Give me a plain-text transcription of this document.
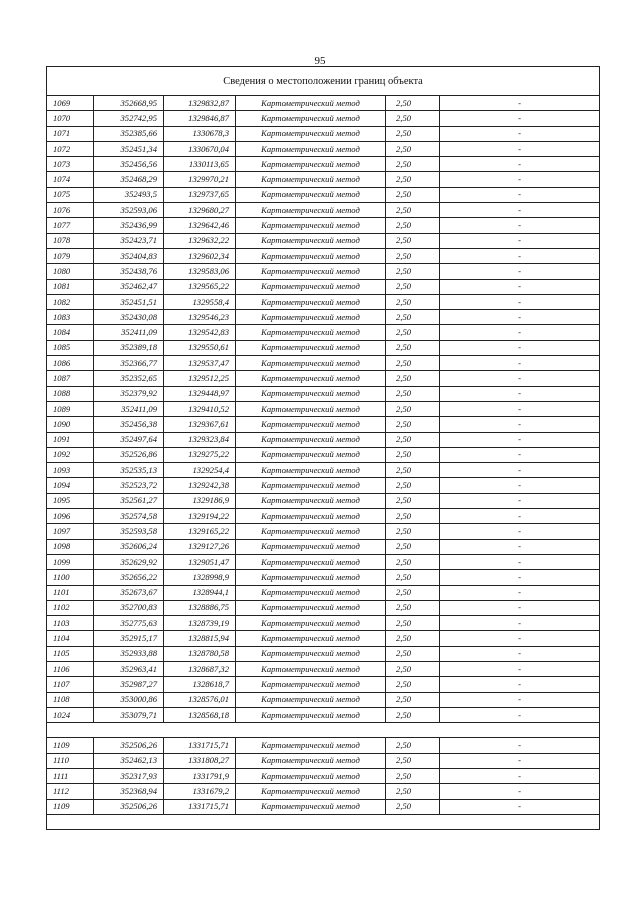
95
Сведения о местоположении границ объекта					
1069	352668,95	1329832,87	Картометрический метод	2,50	-
1070	352742,95	1329846,87	Картометрический метод	2,50	-
1071	352385,66	1330678,3	Картометрический метод	2,50	-
1072	352451,34	1330670,04	Картометрический метод	2,50	-
1073	352456,56	1330113,65	Картометрический метод	2,50	-
1074	352468,29	1329970,21	Картометрический метод	2,50	-
1075	352493,5	1329737,65	Картометрический метод	2,50	-
1076	352593,06	1329680,27	Картометрический метод	2,50	-
1077	352436,99	1329642,46	Картометрический метод	2,50	-
1078	352423,71	1329632,22	Картометрический метод	2,50	-
1079	352404,83	1329602,34	Картометрический метод	2,50	-
1080	352438,76	1329583,06	Картометрический метод	2,50	-
1081	352462,47	1329565,22	Картометрический метод	2,50	-
1082	352451,51	1329558,4	Картометрический метод	2,50	-
1083	352430,08	1329546,23	Картометрический метод	2,50	-
1084	352411,09	1329542,83	Картометрический метод	2,50	-
1085	352389,18	1329550,61	Картометрический метод	2,50	-
1086	352366,77	1329537,47	Картометрический метод	2,50	-
1087	352352,65	1329512,25	Картометрический метод	2,50	-
1088	352379,92	1329448,97	Картометрический метод	2,50	-
1089	352411,09	1329410,52	Картометрический метод	2,50	-
1090	352456,38	1329367,61	Картометрический метод	2,50	-
1091	352497,64	1329323,84	Картометрический метод	2,50	-
1092	352526,86	1329275,22	Картометрический метод	2,50	-
1093	352535,13	1329254,4	Картометрический метод	2,50	-
1094	352523,72	1329242,38	Картометрический метод	2,50	-
1095	352561,27	1329186,9	Картометрический метод	2,50	-
1096	352574,58	1329194,22	Картометрический метод	2,50	-
1097	352593,58	1329165,22	Картометрический метод	2,50	-
1098	352606,24	1329127,26	Картометрический метод	2,50	-
1099	352629,92	1329051,47	Картометрический метод	2,50	-
1100	352656,22	1328998,9	Картометрический метод	2,50	-
1101	352673,67	1328944,1	Картометрический метод	2,50	-
1102	352700,83	1328886,75	Картометрический метод	2,50	-
1103	352775,63	1328739,19	Картометрический метод	2,50	-
1104	352915,17	1328815,94	Картометрический метод	2,50	-
1105	352933,88	1328780,58	Картометрический метод	2,50	-
1106	352963,41	1328687,32	Картометрический метод	2,50	-
1107	352987,27	1328618,7	Картометрический метод	2,50	-
1108	353000,86	1328576,01	Картометрический метод	2,50	-
1024	353079,71	1328568,18	Картометрический метод	2,50	-

1109	352506,26	1331715,71	Картометрический метод	2,50	-
1110	352462,13	1331808,27	Картометрический метод	2,50	-
1111	352317,93	1331791,9	Картометрический метод	2,50	-
1112	352368,94	1331679,2	Картометрический метод	2,50	-
1109	352506,26	1331715,71	Картометрический метод	2,50	-
